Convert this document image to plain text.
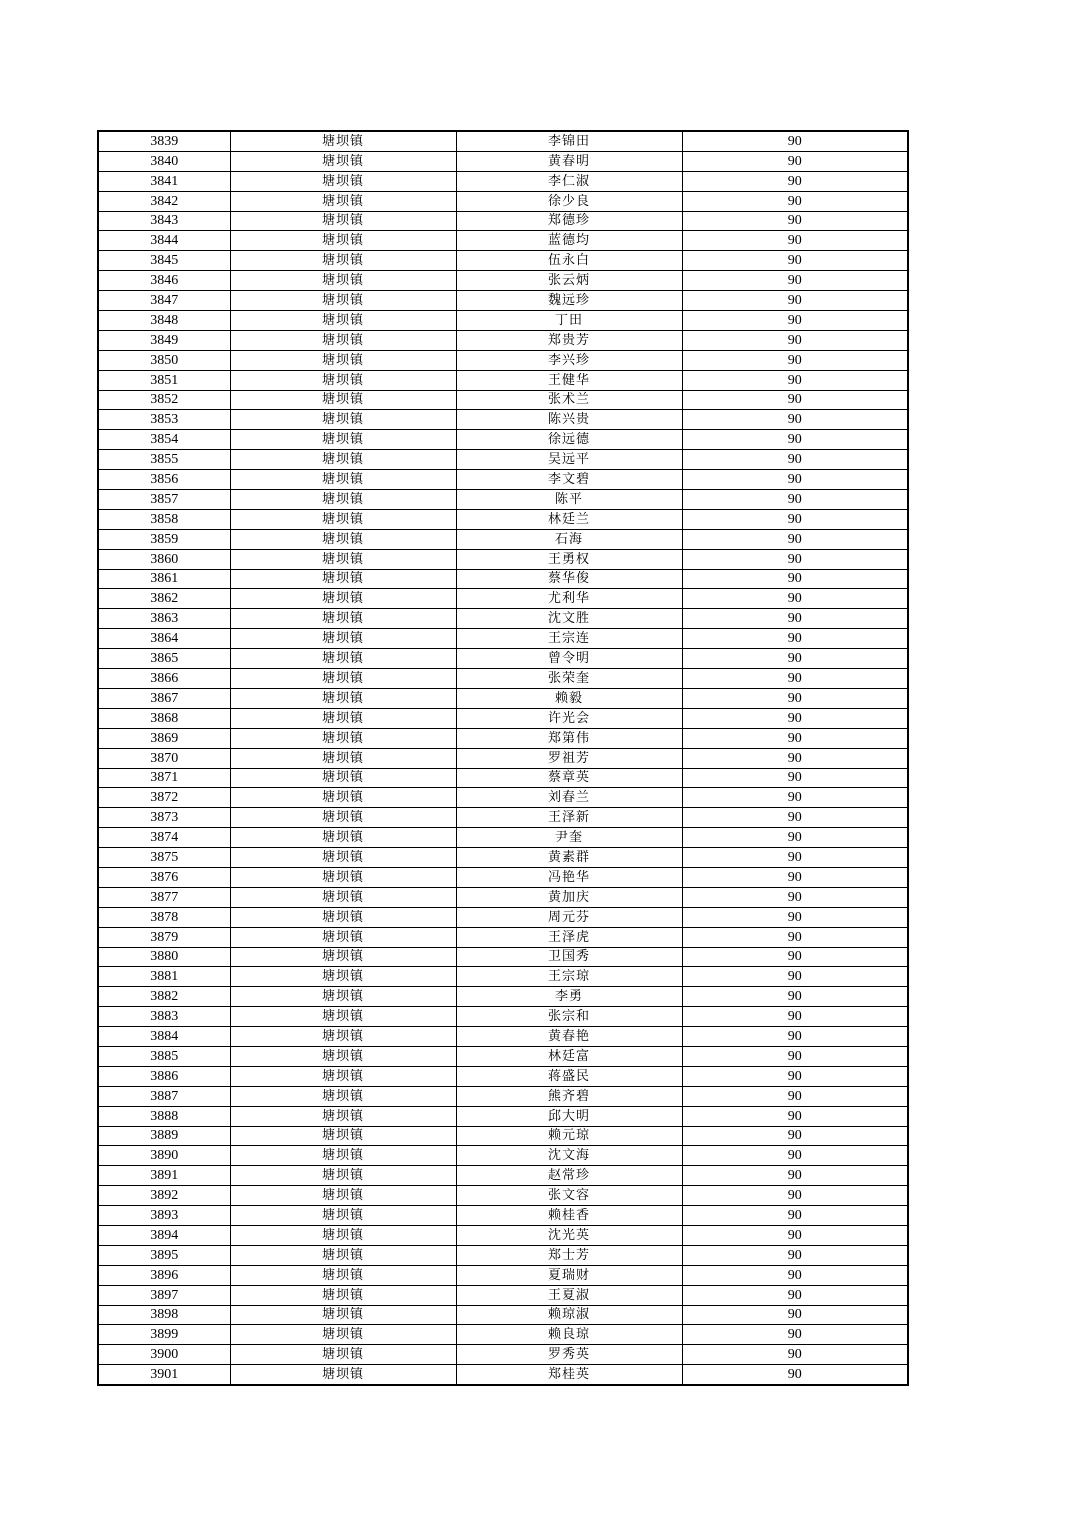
3839	塘坝镇	李锦田	90
3840	塘坝镇	黄春明	90
3841	塘坝镇	李仁淑	90
3842	塘坝镇	徐少良	90
3843	塘坝镇	郑德珍	90
3844	塘坝镇	蓝德均	90
3845	塘坝镇	伍永白	90
3846	塘坝镇	张云炳	90
3847	塘坝镇	魏远珍	90
3848	塘坝镇	丁田	90
3849	塘坝镇	郑贵芳	90
3850	塘坝镇	李兴珍	90
3851	塘坝镇	王健华	90
3852	塘坝镇	张术兰	90
3853	塘坝镇	陈兴贵	90
3854	塘坝镇	徐远德	90
3855	塘坝镇	吴远平	90
3856	塘坝镇	李文碧	90
3857	塘坝镇	陈平	90
3858	塘坝镇	林廷兰	90
3859	塘坝镇	石海	90
3860	塘坝镇	王勇权	90
3861	塘坝镇	蔡华俊	90
3862	塘坝镇	尤利华	90
3863	塘坝镇	沈文胜	90
3864	塘坝镇	王宗连	90
3865	塘坝镇	曾令明	90
3866	塘坝镇	张荣奎	90
3867	塘坝镇	赖毅	90
3868	塘坝镇	许光会	90
3869	塘坝镇	郑第伟	90
3870	塘坝镇	罗祖芳	90
3871	塘坝镇	蔡章英	90
3872	塘坝镇	刘春兰	90
3873	塘坝镇	王泽新	90
3874	塘坝镇	尹奎	90
3875	塘坝镇	黄素群	90
3876	塘坝镇	冯艳华	90
3877	塘坝镇	黄加庆	90
3878	塘坝镇	周元芬	90
3879	塘坝镇	王泽虎	90
3880	塘坝镇	卫国秀	90
3881	塘坝镇	王宗琼	90
3882	塘坝镇	李勇	90
3883	塘坝镇	张宗和	90
3884	塘坝镇	黄春艳	90
3885	塘坝镇	林廷富	90
3886	塘坝镇	蒋盛民	90
3887	塘坝镇	熊齐碧	90
3888	塘坝镇	邱大明	90
3889	塘坝镇	赖元琼	90
3890	塘坝镇	沈文海	90
3891	塘坝镇	赵常珍	90
3892	塘坝镇	张文容	90
3893	塘坝镇	赖桂香	90
3894	塘坝镇	沈光英	90
3895	塘坝镇	郑士芳	90
3896	塘坝镇	夏瑞财	90
3897	塘坝镇	王夏淑	90
3898	塘坝镇	赖琼淑	90
3899	塘坝镇	赖良琼	90
3900	塘坝镇	罗秀英	90
3901	塘坝镇	郑桂英	90
